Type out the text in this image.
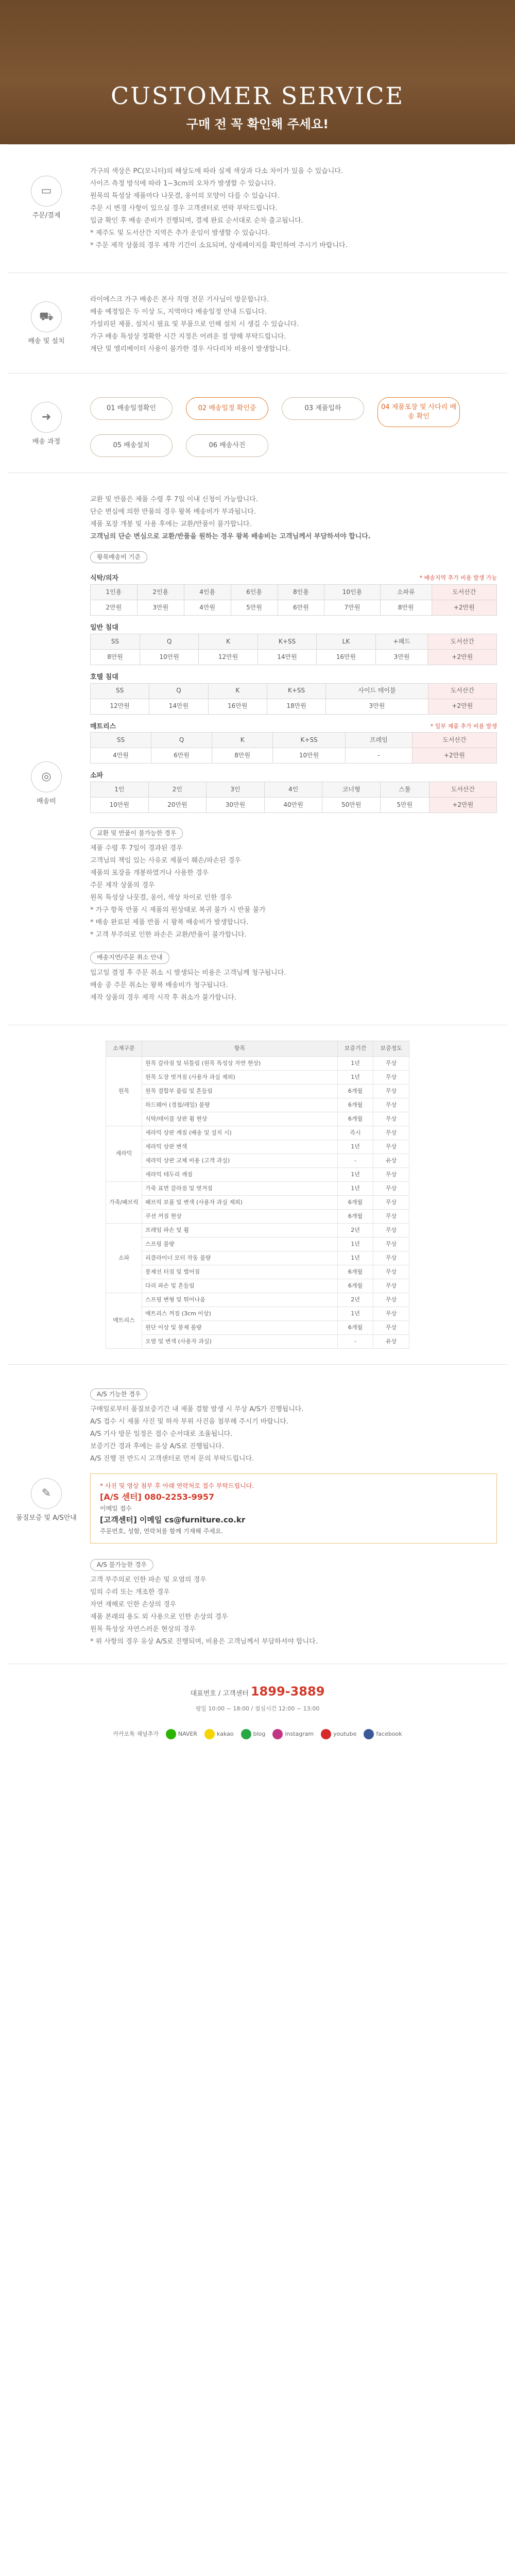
CUSTOMER SERVICE
구매 전 꼭 확인해 주세요!
▭
주문/결제

가구의 색상은 PC(모니터)의 해상도에 따라 실제 색상과 다소 차이가 있을 수 있습니다.

사이즈 측정 방식에 따라 1~3cm의 오차가 발생할 수 있습니다.

원목의 특성상 제품마다 나뭇결, 옹이의 모양이 다를 수 있습니다.

주문 시 변경 사항이 있으실 경우 고객센터로 연락 부탁드립니다.

입금 확인 후 배송 준비가 진행되며, 결제 완료 순서대로 순차 출고됩니다.

* 제주도 및 도서산간 지역은 추가 운임이 발생할 수 있습니다.

* 주문 제작 상품의 경우 제작 기간이 소요되며, 상세페이지를 확인하여 주시기 바랍니다.

⛟
배송 및 설치

라이에스크 가구 배송은 본사 직영 전문 기사님이 방문합니다.

배송 예정일은 두 이상 도, 지역마다 배송일정 안내 드립니다.

가설리된 제품, 설치시 필요 및 부품으로 인해 설치 시 생길 수 있습니다.

가구 배송 특성상 정확한 시간 지정은 어려운 점 양해 부탁드립니다.

계단 및 엘리베이터 사용이 불가한 경우 사다리차 비용이 발생합니다.

➜
배송 과정
01 배송일정확인	02 배송일정 확인중	03 제품입하	04 제품포장 및 사다리 배송 확인
05 배송설치	06 배송사진
◎
배송비

교환 및 반품은 제품 수령 후 7일 이내 신청이 가능합니다.

단순 변심에 의한 반품의 경우 왕복 배송비가 부과됩니다.

제품 포장 개봉 및 사용 후에는 교환/반품이 불가합니다.

고객님의 단순 변심으로 교환/반품을 원하는 경우 왕복 배송비는 고객님께서 부담하셔야 합니다.

왕복배송비 기준
식탁/의자	* 배송지역 추가 비용 발생 가능
1인용	2인용	4인용	6인용	8인용	10인용	소파류	도서산간
2만원	3만원	4만원	5만원	6만원	7만원	8만원	+2만원
일반 침대
SS	Q	K	K+SS	LK	+패드	도서산간
8만원	10만원	12만원	14만원	16만원	3만원	+2만원
호텔 침대
SS	Q	K	K+SS	사이드 테이블	도서산간
12만원	14만원	16만원	18만원	3만원	+2만원
매트리스	* 일부 제품 추가 비용 발생
SS	Q	K	K+SS	프레임	도서산간
4만원	6만원	8만원	10만원	-	+2만원
소파
1인	2인	3인	4인	코너형	스툴	도서산간
10만원	20만원	30만원	40만원	50만원	5만원	+2만원
교환 및 반품이 불가능한 경우

제품 수령 후 7일이 경과된 경우

고객님의 책임 있는 사유로 제품이 훼손/파손된 경우

제품의 포장을 개봉하였거나 사용한 경우

주문 제작 상품의 경우

원목 특성상 나뭇결, 옹이, 색상 차이로 인한 경우

* 가구 항목 반품 시 제품의 원상태로 복귀 불가 시 반품 불가

* 배송 완료된 제품 반품 시 왕복 배송비가 발생합니다.

* 고객 부주의로 인한 파손은 교환/반품이 불가합니다.

배송지연/주문 취소 안내

입고일 결정 후 주문 취소 시 발생되는 비용은 고객님께 청구됩니다.

배송 중 주문 취소는 왕복 배송비가 청구됩니다.

제작 상품의 경우 제작 시작 후 취소가 불가합니다.

소재구분	항목	보증기간	보증정도
원목	원목 갈라짐 및 뒤틀림 (원목 특성상 자연 현상)	1년	무상
	원목 도장 벗겨짐 (사용자 과실 제외)	1년	무상
	원목 결합부 풀림 및 흔들림	6개월	무상
	하드웨어 (경첩/레일) 불량	6개월	무상
	식탁/테이블 상판 휨 현상	6개월	무상
세라믹	세라믹 상판 깨짐 (배송 및 설치 시)	즉시	무상
	세라믹 상판 변색	1년	무상
	세라믹 상판 교체 비용 (고객 과실)	-	유상
	세라믹 테두리 깨짐	1년	무상
가죽/패브릭	가죽 표면 갈라짐 및 벗겨짐	1년	무상
	패브릭 보풀 및 변색 (사용자 과실 제외)	6개월	무상
	쿠션 꺼짐 현상	6개월	무상
소파	프레임 파손 및 휨	2년	무상
	스프링 불량	1년	무상
	리클라이너 모터 작동 불량	1년	무상
	봉제선 터짐 및 벌어짐	6개월	무상
	다리 파손 및 흔들림	6개월	무상
매트리스	스프링 변형 및 튀어나옴	2년	무상
	매트리스 꺼짐 (3cm 이상)	1년	무상
	원단 이상 및 봉제 불량	6개월	무상
	오염 및 변색 (사용자 과실)	-	유상
✎
품질보증 및 A/S안내
A/S 기능한 경우

구매일로부터 품질보증기간 내 제품 결함 발생 시 무상 A/S가 진행됩니다.

A/S 접수 시 제품 사진 및 하자 부위 사진을 첨부해 주시기 바랍니다.

A/S 기사 방문 일정은 접수 순서대로 조율됩니다.

보증기간 경과 후에는 유상 A/S로 진행됩니다.

A/S 진행 전 반드시 고객센터로 먼저 문의 부탁드립니다.

* 사진 및 영상 첨부 후 아래 연락처로 접수 부탁드립니다.
[A/S 센터] 080-2253-9957
이메일 접수
[고객센터] 이메일 cs@furniture.co.kr
주문번호, 성함, 연락처를 함께 기재해 주세요.
A/S 불가능한 경우

고객 부주의로 인한 파손 및 오염의 경우

임의 수리 또는 개조한 경우

자연 재해로 인한 손상의 경우

제품 본래의 용도 외 사용으로 인한 손상의 경우

원목 특성상 자연스러운 현상의 경우

* 위 사항의 경우 유상 A/S로 진행되며, 비용은 고객님께서 부담하셔야 합니다.

대표번호 / 고객센터 1899-3889
평일 10:00 ~ 18:00 / 점심시간 12:00 ~ 13:00
카카오톡 채널추가	NAVER	kakao	blog	instagram	youtube	facebook
